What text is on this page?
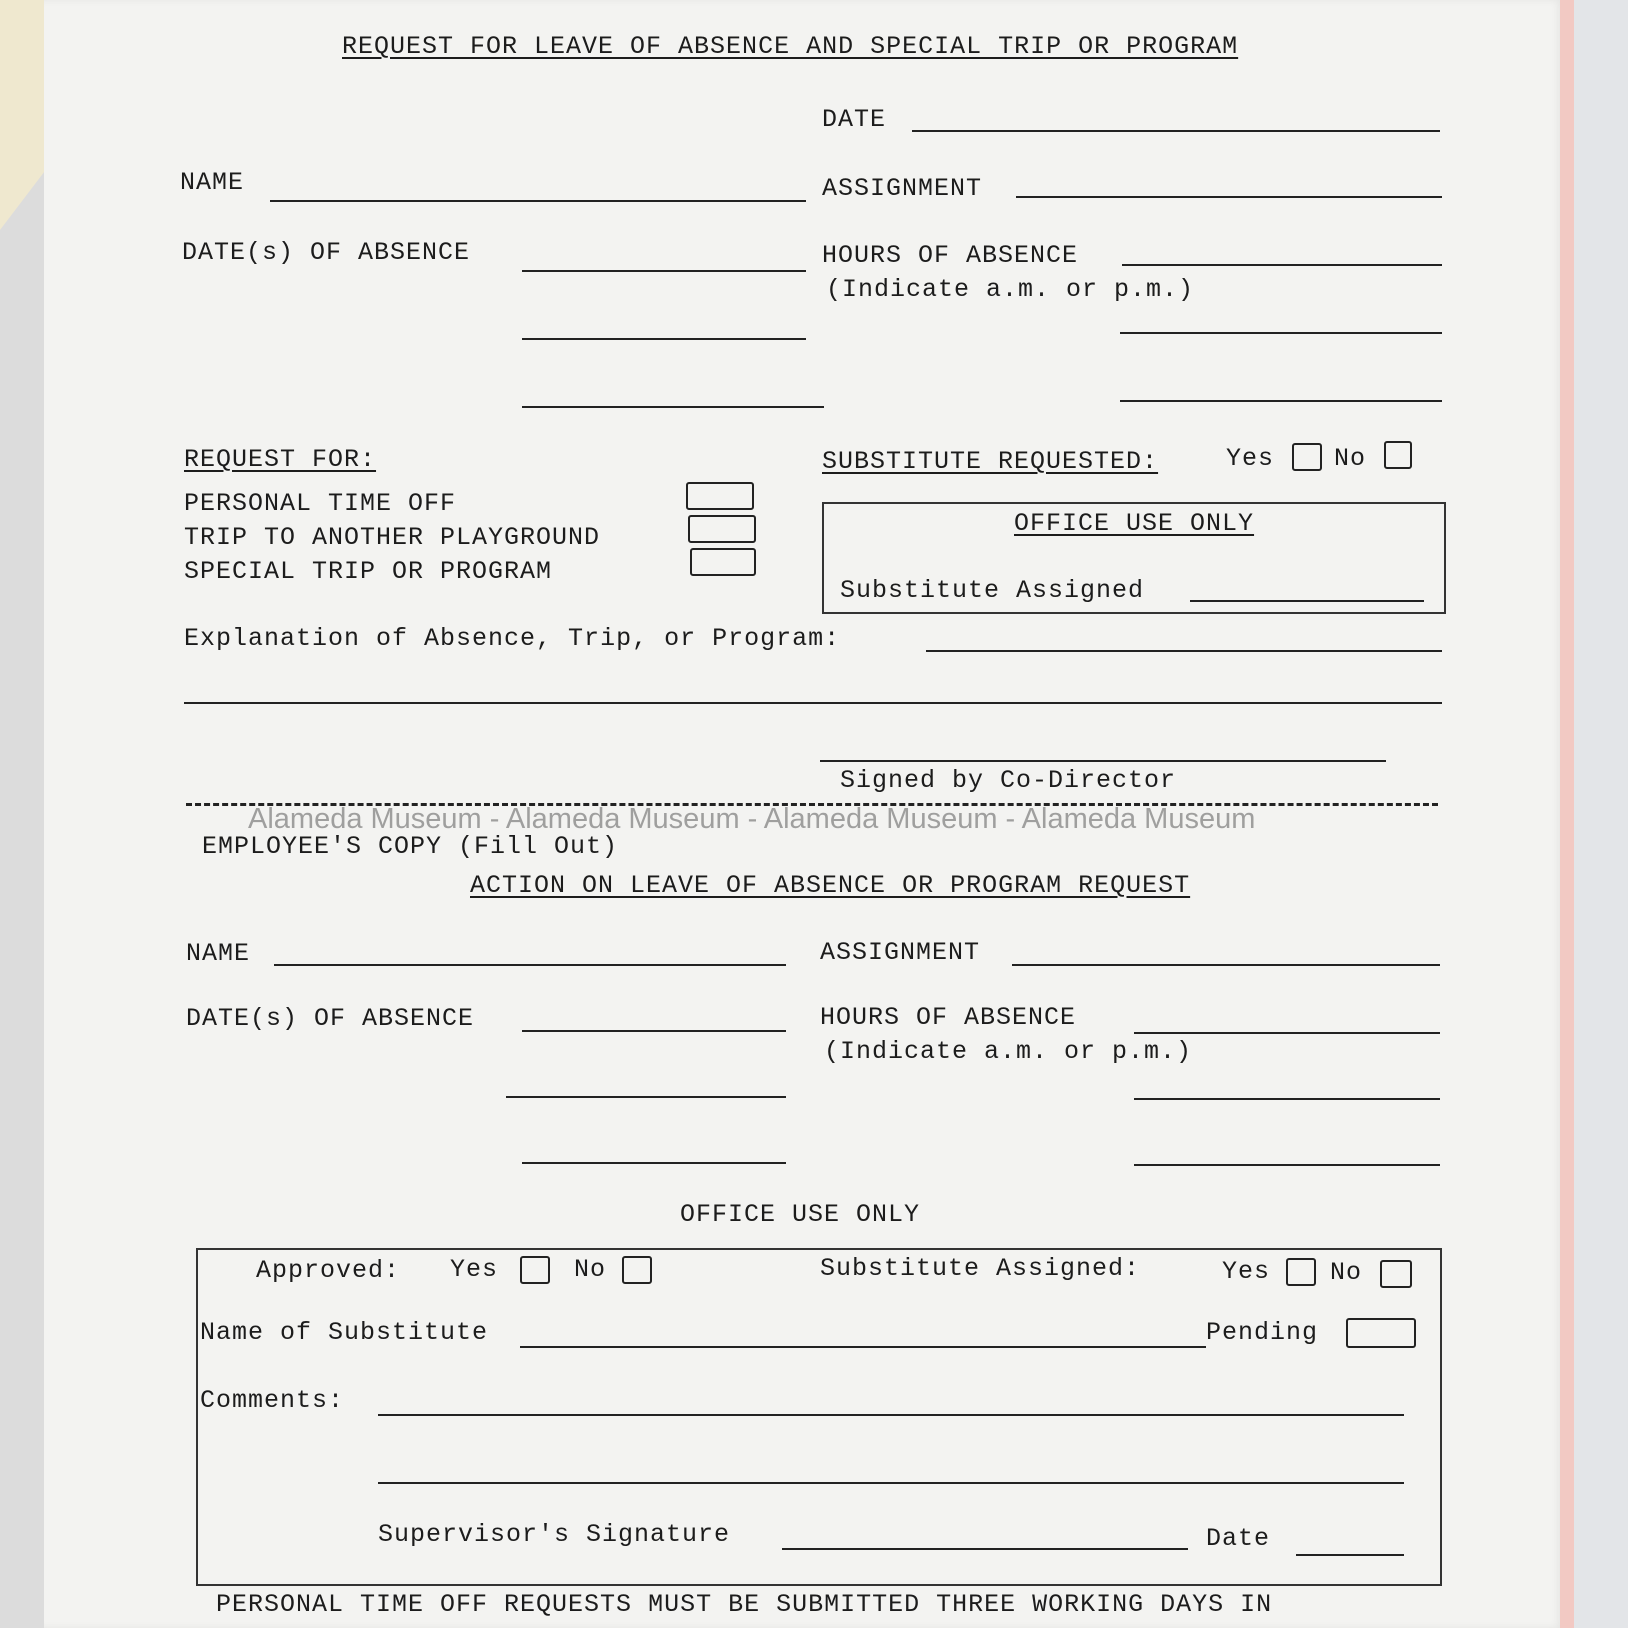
REQUEST FOR LEAVE OF ABSENCE AND SPECIAL TRIP OR PROGRAM
DATE
NAME	ASSIGNMENT
DATE(s) OF ABSENCE	HOURS OF ABSENCE
(Indicate a.m. or p.m.)
REQUEST FOR:
PERSONAL TIME OFF
TRIP TO ANOTHER PLAYGROUND
SPECIAL TRIP OR PROGRAM
SUBSTITUTE REQUESTED:	Yes No
OFFICE USE ONLY
Substitute Assigned
Explanation of Absence, Trip, or Program:
Signed by Co-Director
Alameda Museum - Alameda Museum - Alameda Museum - Alameda Museum
EMPLOYEE'S COPY (Fill Out)
ACTION ON LEAVE OF ABSENCE OR PROGRAM REQUEST
NAME	ASSIGNMENT
DATE(s) OF ABSENCE	HOURS OF ABSENCE
(Indicate a.m. or p.m.)
OFFICE USE ONLY
Approved: Yes	No	Substitute Assigned:	Yes No
Name of Substitute	Pending
Comments:
Supervisor's Signature	Date
PERSONAL TIME OFF REQUESTS MUST BE SUBMITTED THREE WORKING DAYS IN
